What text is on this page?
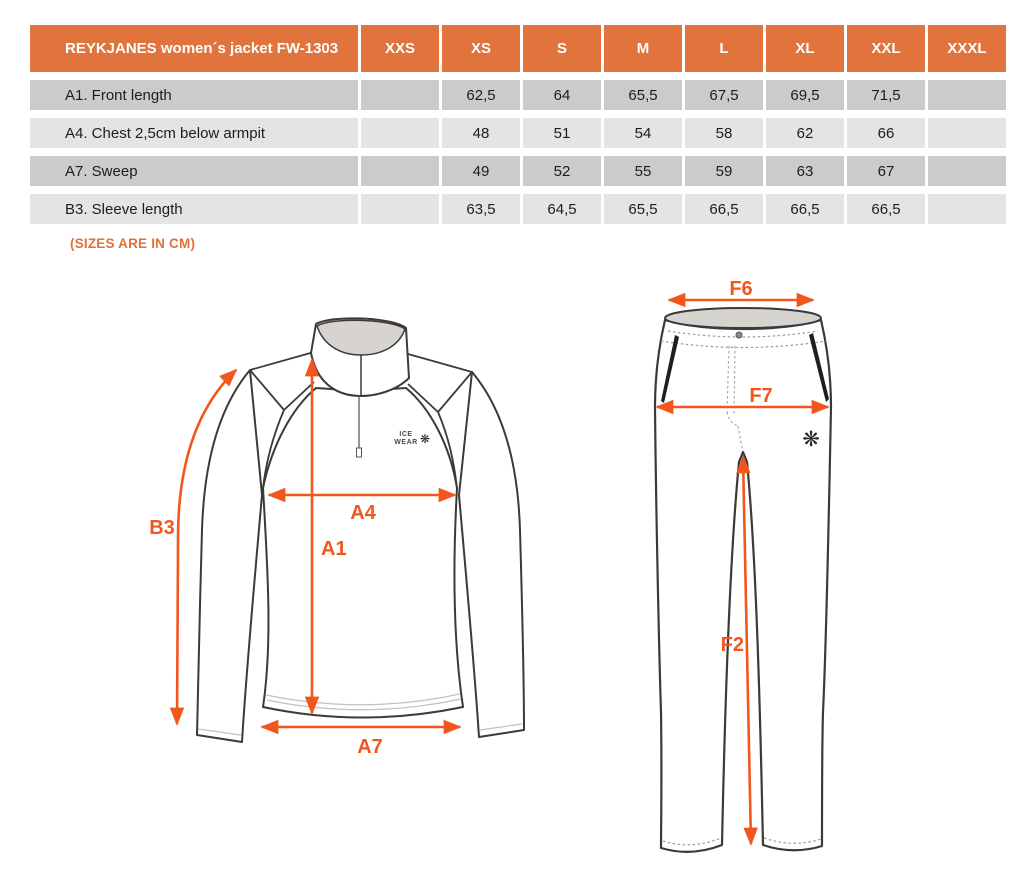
REYKJANES women´s jacket FW-1303	XXS	XS	S	M	L	XL	XXL	XXXL
A1. Front length		62,5	64	65,5	67,5	69,5	71,5	
A4. Chest 2,5cm below armpit		48	51	54	58	62	66	
A7. Sweep		49	52	55	59	63	67	
B3. Sleeve length		63,5	64,5	65,5	66,5	66,5	66,5	
(SIZES ARE IN CM)
ICE
WEAR ❋
B3
A1
A4
A7
❋
F6
F7
F2
